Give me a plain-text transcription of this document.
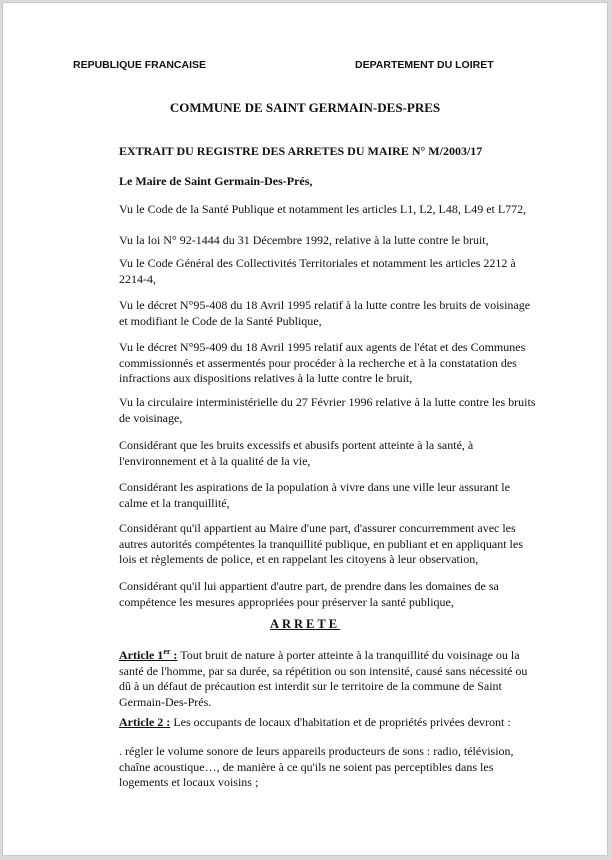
REPUBLIQUE FRANCAISE	DEPARTEMENT DU LOIRET
COMMUNE DE SAINT GERMAIN-DES-PRES
EXTRAIT DU REGISTRE DES ARRETES DU MAIRE N° M/2003/17
Le Maire de Saint Germain-Des-Prés,

Vu le Code de la Santé Publique et notamment les articles L1, L2, L48, L49 et L772,

Vu la loi N° 92-1444 du 31 Décembre 1992, relative à la lutte contre le bruit,

Vu le Code Général des Collectivités Territoriales et notamment les articles 2212 à 2214-4,

Vu le décret N°95-408 du 18 Avril 1995 relatif à la lutte contre les bruits de voisinage et modifiant le Code de la Santé Publique,

Vu le décret N°95-409 du 18 Avril 1995 relatif aux agents de l'état et des Communes commissionnés et assermentés pour procéder à la recherche et à la constatation des infractions aux dispositions relatives à la lutte contre le bruit,

Vu la circulaire interministérielle du 27 Février 1996 relative à la lutte contre les bruits de voisinage,

Considérant que les bruits excessifs et abusifs portent atteinte à la santé, à l'environnement et à la qualité de la vie,

Considérant les aspirations de la population à vivre dans une ville leur assurant le calme et la tranquillité,

Considérant qu'il appartient au Maire d'une part, d'assurer concurremment avec les autres autorités compétentes la tranquillité publique, en publiant et en appliquant les lois et règlements de police, et en rappelant les citoyens à leur observation,

Considérant qu'il lui appartient d'autre part, de prendre dans les domaines de sa compétence les mesures appropriées pour préserver la santé publique,

ARRETE

Article 1er : Tout bruit de nature à porter atteinte à la tranquillité du voisinage ou la santé de l'homme, par sa durée, sa répétition ou son intensité, causé sans nécessité ou dû à un défaut de précaution est interdit sur le territoire de la commune de Saint Germain-Des-Prés.

Article 2 : Les occupants de locaux d'habitation et de propriétés privées devront :

. régler le volume sonore de leurs appareils producteurs de sons : radio, télévision, chaîne acoustique…, de manière à ce qu'ils ne soient pas perceptibles dans les logements et locaux voisins ;
